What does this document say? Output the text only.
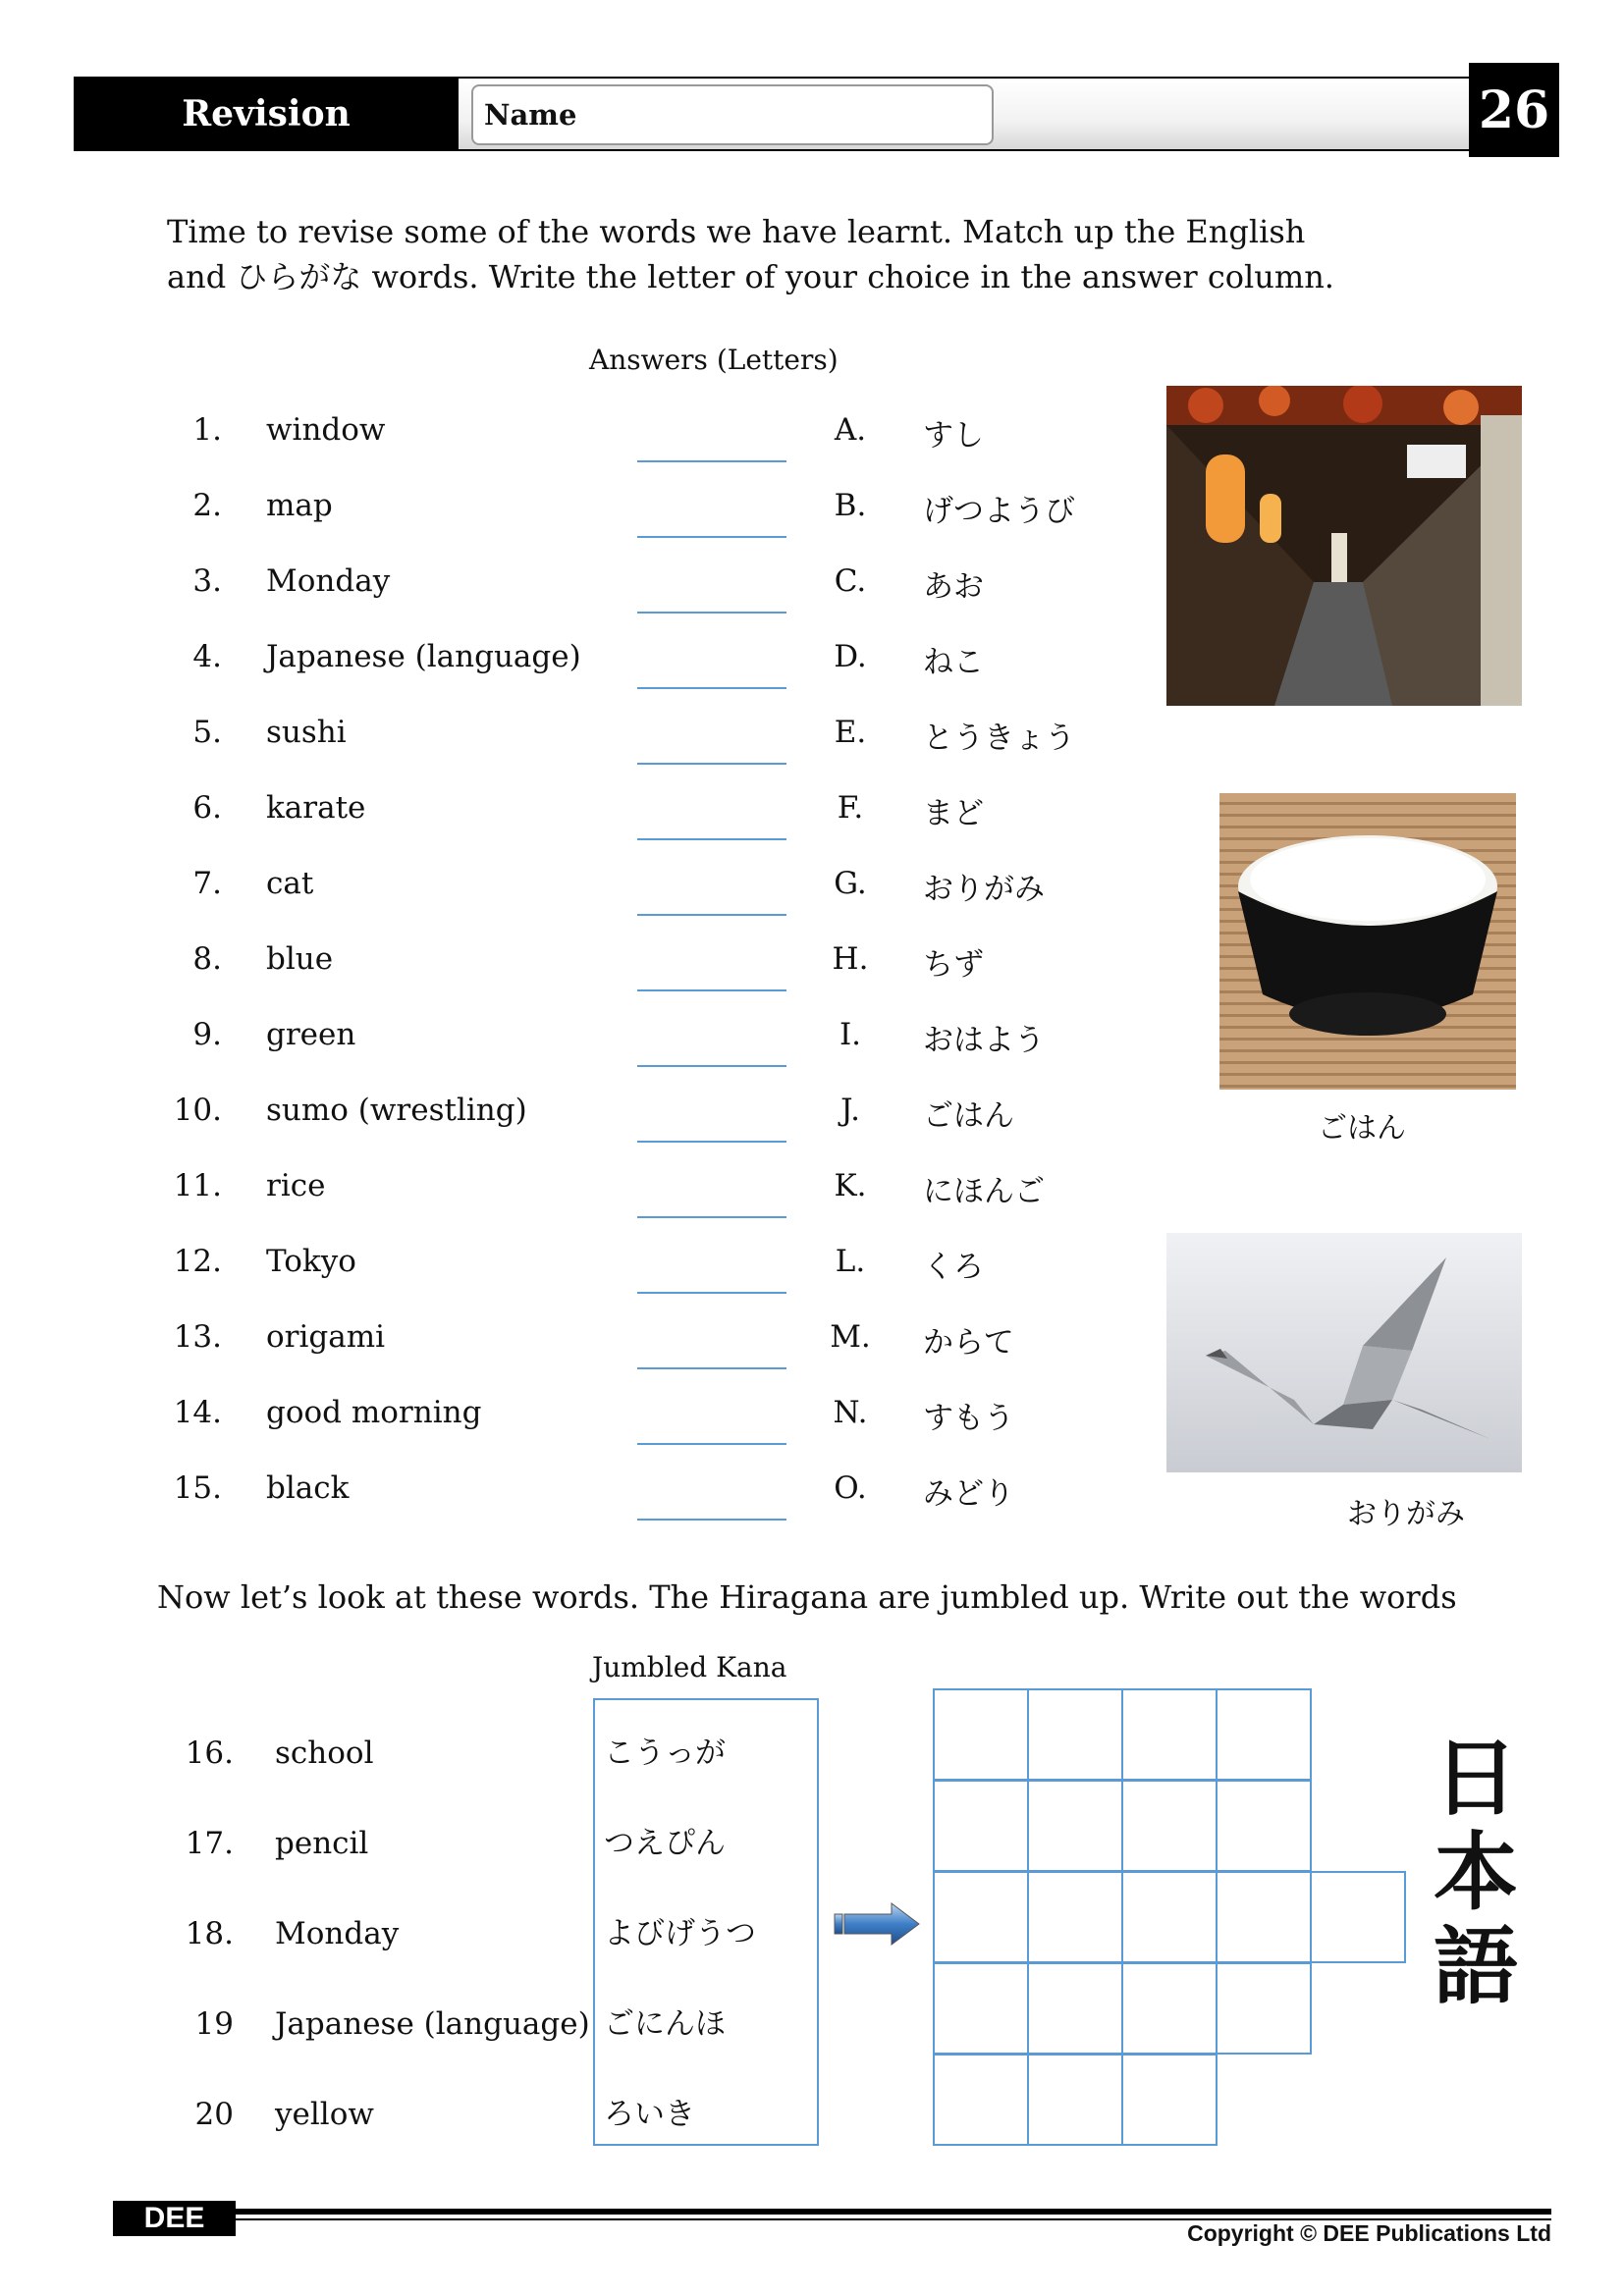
Revision	Name	26
Time to revise some of the words we have learnt. Match up the English
and ひらがな words. Write the letter of your choice in the answer column.
Answers (Letters)
1. window	A. すし
2. map	B. げつようび
3. Monday	C. あお
4. Japanese (language)	D. ねこ
5. sushi	E. とうきょう
6. karate	F.	まど
7. cat	G. おりがみ
8. blue	H. ちず
9. green	I.	おはよう
10. sumo (wrestling)	J.	ごはん
11. rice	K. にほんご
12. Tokyo	L.	くろ
13. origami	M. からて
14. good morning	N. すもう
15. black	O. みどり
ごはん
おりがみ
Now let’s look at these words. The Hiragana are jumbled up. Write out the words
Jumbled Kana
16. school	こうっが
17. pencil	つえぴん
18. Monday	よびげうつ
19 Japanese (language) ごにんほ
20 yellow	ろいき
日
本
語
DEE	Copyright © DEE Publications Ltd
